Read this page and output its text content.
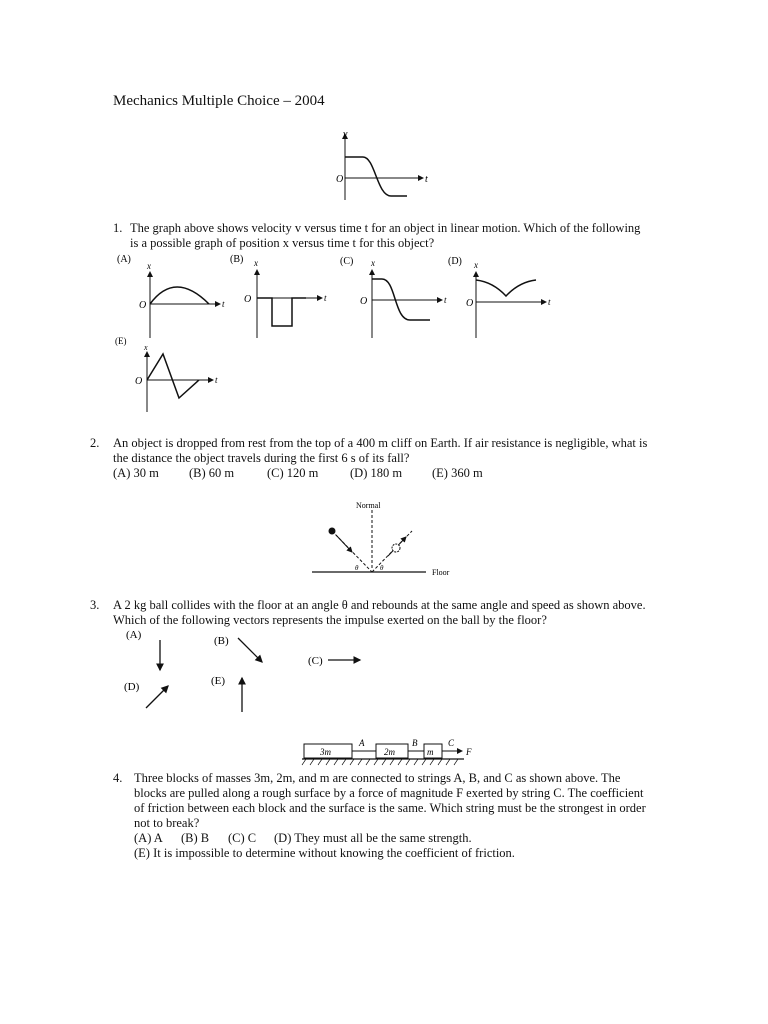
Mechanics Multiple Choice – 2004
v
t
O
1. The graph above shows velocity v versus time t for an object in linear motion. Which of the following
is a possible graph of position x versus time t for this object?
(A)
x
O	t
(B) x
O	t
(C) x
O	t
(D) x
O	t
(E)
x
O	t
2. An object is dropped from rest from the top of a 400 m cliff on Earth. If air resistance is negligible, what is
the distance the object travels during the first 6 s of its fall?
(A) 30 m (B) 60 m	(C) 120 m	(D) 180 m (E) 360 m
Normal
Floor
θ	θ
3. A 2 kg ball collides with the floor at an angle θ and rebounds at the same angle and speed as shown above.
Which of the following vectors represents the impulse exerted on the ball by the floor?
(A)	(B)
(C)
(D)	(E)
3m
A
2m
B
m
C
F
4. Three blocks of masses 3m, 2m, and m are connected to strings A, B, and C as shown above. The
blocks are pulled along a rough surface by a force of magnitude F exerted by string C. The coefficient
of friction between each block and the surface is the same. Which string must be the strongest in order
not to break?
(A) A (B) B (C) C (D) They must all be the same strength.
(E) It is impossible to determine without knowing the coefficient of friction.
